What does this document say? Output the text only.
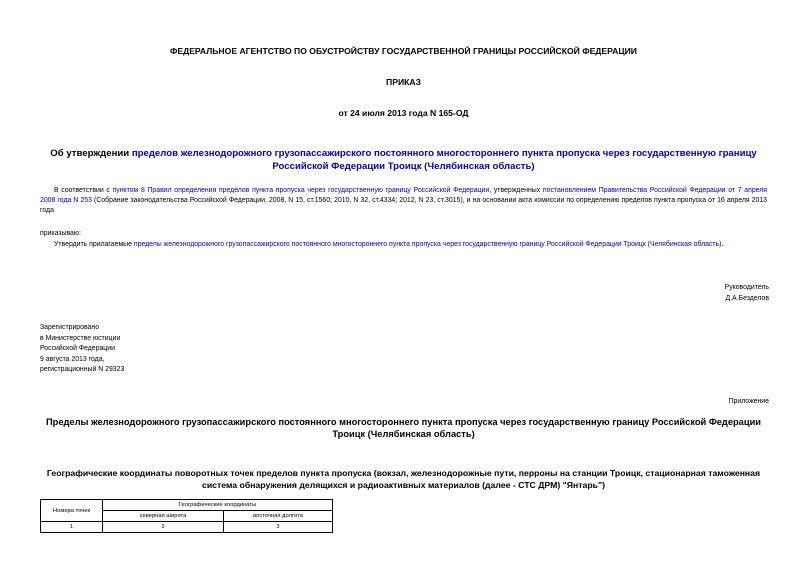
ФЕДЕРАЛЬНОЕ АГЕНТСТВО ПО ОБУСТРОЙСТВУ ГОСУДАРСТВЕННОЙ ГРАНИЦЫ РОССИЙСКОЙ ФЕДЕРАЦИИ
ПРИКАЗ
от 24 июля 2013 года N 165-ОД
Об утверждении пределов железнодорожного грузопассажирского постоянного многостороннего пункта пропуска через государственную границу Российской Федерации Троицк (Челябинская область)
В соответствии с пунктом 8 Правил определения пределов пункта пропуска через государственную границу Российской Федерации, утвержденных постановлением Правительства Российской Федерации от 7 апреля 2008 года N 253 (Собрание законодательства Российской Федерации, 2008, N 15, ст.1560; 2010, N 32, ст.4334; 2012, N 23, ст.3015), и на основании акта комиссии по определению пределов пункта пропуска от 16 апреля 2013 года
приказываю:
Утвердить прилагаемые пределы железнодорожного грузопассажирского постоянного многостороннего пункта пропуска через государственную границу Российской Федерации Троицк (Челябинская область).
Руководитель
Д.А.Безделов
Зарегистрировано
в Министерстве юстиции
Российской Федерации
9 августа 2013 года,
регистрационный N 29323
Приложение
Пределы железнодорожного грузопассажирского постоянного многостороннего пункта пропуска через государственную границу Российской Федерации Троицк (Челябинская область)
Географические координаты поворотных точек пределов пункта пропуска (вокзал, железнодорожные пути, перроны на станции Троицк, стационарная таможенная система обнаружения делящихся и радиоактивных материалов (далее - СТС ДРМ) "Янтарь")
Номера точек	Географические координаты	
	северная широта	восточная долгота
1	2	3
